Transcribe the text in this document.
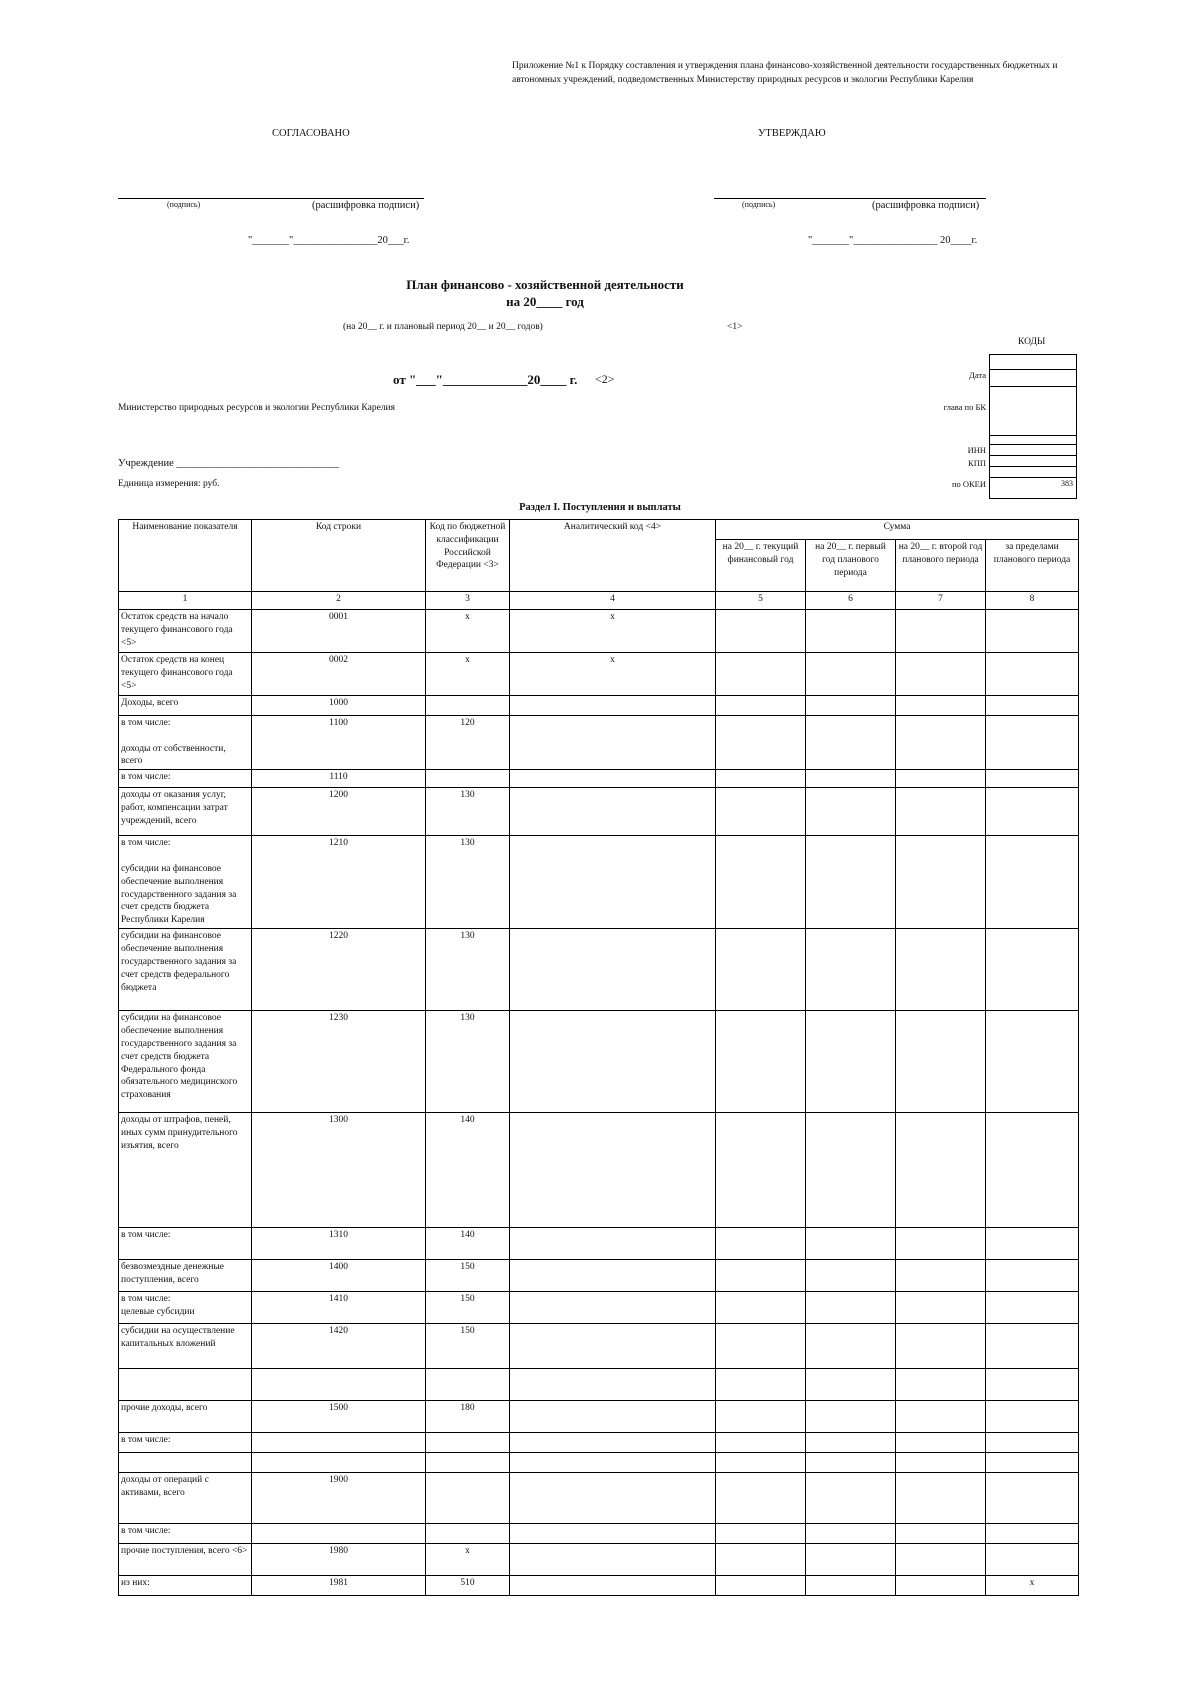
Приложение №1 к Порядку составления и утверждения плана финансово-хозяйственной деятельности государственных бюджетных и автономных учреждений, подведомственных Министерству природных ресурсов и экологии Республики Карелия
СОГЛАСОВАНО	УТВЕРЖДАЮ
(подпись)	(расшифровка подписи)	(подпись)	(расшифровка подписи)
"_______"________________20___г.	"_______"________________ 20____г.
План финансово - хозяйственной деятельности
на 20____ год
(на 20__ г. и плановый период 20__ и 20__ годов)	<1>
КОДЫ
от "___"_____________20____ г. <2>
Министерство природных ресурсов и экологии Республики Карелия
Учреждение _______________________________
Единица измерения: руб.	383
Дата
глава по БК
ИНН
КПП
по ОКЕИ
Раздел I. Поступления и выплаты
Наименование показателя	Код строки	Код по бюджетной классификации Российской Федерации <3>	Аналитический код <4>	Сумма			
				на 20__ г. текущий финансовый год	на 20__ г. первый год планового периода	на 20__ г. второй год планового периода	за пределами планового периода
1	2	3	4	5	6	7	8
Остаток средств на начало текущего финансового года <5>	0001	x	x				
Остаток средств на конец текущего финансового года <5>	0002	x	x				
Доходы, всего	1000						
в том числе:

доходы от собственности, всего	1100	120					
в том числе:	1110						
доходы от оказания услуг, работ, компенсации затрат учреждений, всего	1200	130					
в том числе:

субсидии на финансовое обеспечение выполнения государственного задания за счет средств бюджета Республики Карелия	1210	130					
субсидии на финансовое обеспечение выполнения государственного задания за счет средств федерального бюджета	1220	130					
субсидии на финансовое обеспечение выполнения государственного задания за счет средств бюджета Федерального фонда обязательного медицинского страхования	1230	130					
доходы от штрафов, пеней, иных сумм принудительного изъятия, всего	1300	140					
в том числе:	1310	140					
безвозмездные денежные поступления, всего	1400	150					
в том числе:
целевые субсидии	1410	150					
субсидии на осуществление капитальных вложений	1420	150					

прочие доходы, всего	1500	180					
в том числе:							

доходы от операций с активами, всего	1900						
в том числе:							
прочие поступления, всего <6>	1980	x					
из них:	1981	510					x
